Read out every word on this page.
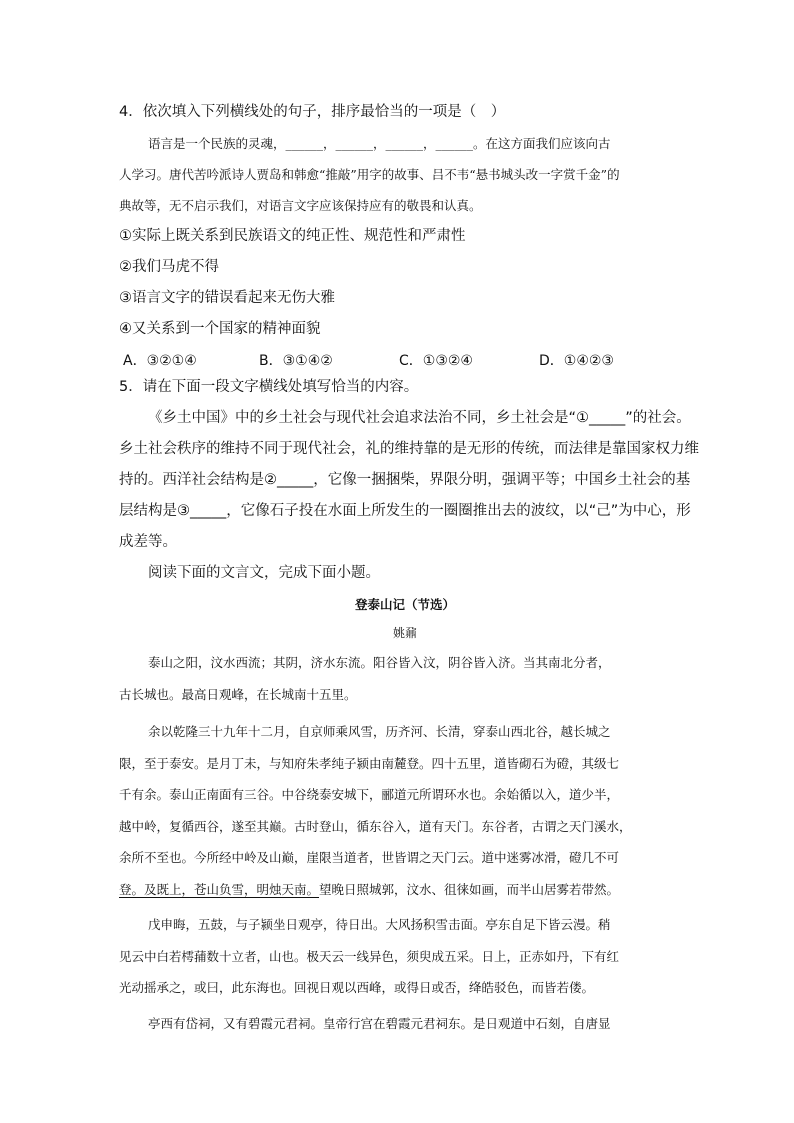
4．依次填入下列横线处的句子，排序最恰当的一项是（　）
语言是一个民族的灵魂，______，______，______，______。在这方面我们应该向古
人学习。唐代苦吟派诗人贾岛和韩愈“推敲”用字的故事、吕不韦“悬书城头改一字赏千金”的
典故等，无不启示我们，对语言文字应该保持应有的敬畏和认真。
①实际上既关系到民族语文的纯正性、规范性和严肃性
②我们马虎不得
③语言文字的错误看起来无伤大雅
④又关系到一个国家的精神面貌
A．③②①④	B．③①④②	C．①③②④	D．①④②③
5．请在下面一段文字横线处填写恰当的内容。
《乡土中国》中的乡土社会与现代社会追求法治不同，乡土社会是“①_____”的社会。
乡土社会秩序的维持不同于现代社会，礼的维持靠的是无形的传统，而法律是靠国家权力维
持的。西洋社会结构是②_____，它像一捆捆柴，界限分明，强调平等；中国乡土社会的基
层结构是③_____，它像石子投在水面上所发生的一圈圈推出去的波纹，以“己”为中心，形
成差等。
阅读下面的文言文，完成下面小题。
登泰山记（节选）
姚鼐
泰山之阳，汶水西流；其阴，济水东流。阳谷皆入汶，阴谷皆入济。当其南北分者，
古长城也。最高日观峰，在长城南十五里。
余以乾隆三十九年十二月，自京师乘风雪，历齐河、长清，穿泰山西北谷，越长城之
限，至于泰安。是月丁未，与知府朱孝纯子颍由南麓登。四十五里，道皆砌石为磴，其级七
千有余。泰山正南面有三谷。中谷绕泰安城下，郦道元所谓环水也。余始循以入，道少半，
越中岭，复循西谷，遂至其巅。古时登山，循东谷入，道有天门。东谷者，古谓之天门溪水，
余所不至也。今所经中岭及山巅，崖限当道者，世皆谓之天门云。道中迷雾冰滑，磴几不可
登。及既上，苍山负雪，明烛天南。望晚日照城郭，汶水、徂徕如画，而半山居雾若带然。
戊申晦，五鼓，与子颍坐日观亭，待日出。大风扬积雪击面。亭东自足下皆云漫。稍
见云中白若樗蒱数十立者，山也。极天云一线异色，须臾成五采。日上，正赤如丹，下有红
光动摇承之，或曰，此东海也。回视日观以西峰，或得日或否，绛皓驳色，而皆若偻。
亭西有岱祠，又有碧霞元君祠。皇帝行宫在碧霞元君祠东。是日观道中石刻，自唐显
